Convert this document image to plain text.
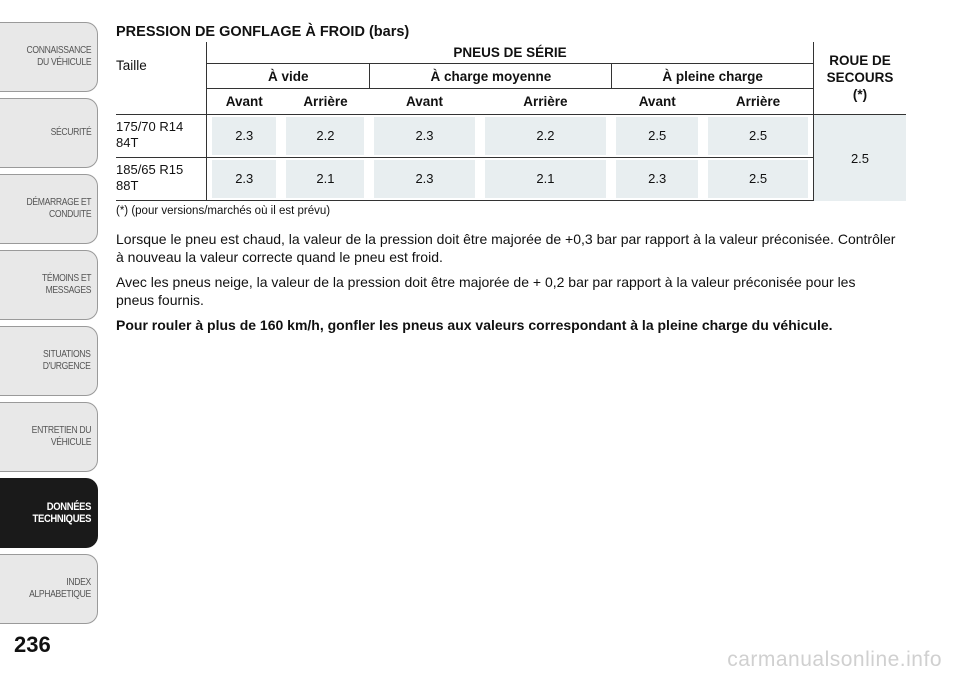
CONNAISSANCE
DU VÉHICULE
SÉCURITÉ
DÉMARRAGE ET
CONDUITE
TÉMOINS ET
MESSAGES
SITUATIONS
D'URGENCE
ENTRETIEN DU
VÉHICULE
DONNÉES
TECHNIQUES
INDEX
ALPHABETIQUE
236
PRESSION DE GONFLAGE À FROID (bars)
Taille	PNEUS DE SÉRIE						ROUE DE
SECOURS
(*)
	À vide		À charge moyenne		À pleine charge		
	Avant	Arrière	Avant	Arrière	Avant	Arrière	
175/70 R14
84T	2.3	2.2	2.3	2.2	2.5	2.5	2.5
185/65 R15
88T	2.3	2.1	2.3	2.1	2.3	2.5	
(*) (pour versions/marchés où il est prévu)

Lorsque le pneu est chaud, la valeur de la pression doit être majorée de +0,3 bar par rapport à la valeur préconisée. Contrôler à nouveau la valeur correcte quand le pneu est froid.

Avec les pneus neige, la valeur de la pression doit être majorée de + 0,2 bar par rapport à la valeur préconisée pour les pneus fournis.

Pour rouler à plus de 160 km/h, gonfler les pneus aux valeurs correspondant à la pleine charge du véhicule.

carmanualsonline.info
